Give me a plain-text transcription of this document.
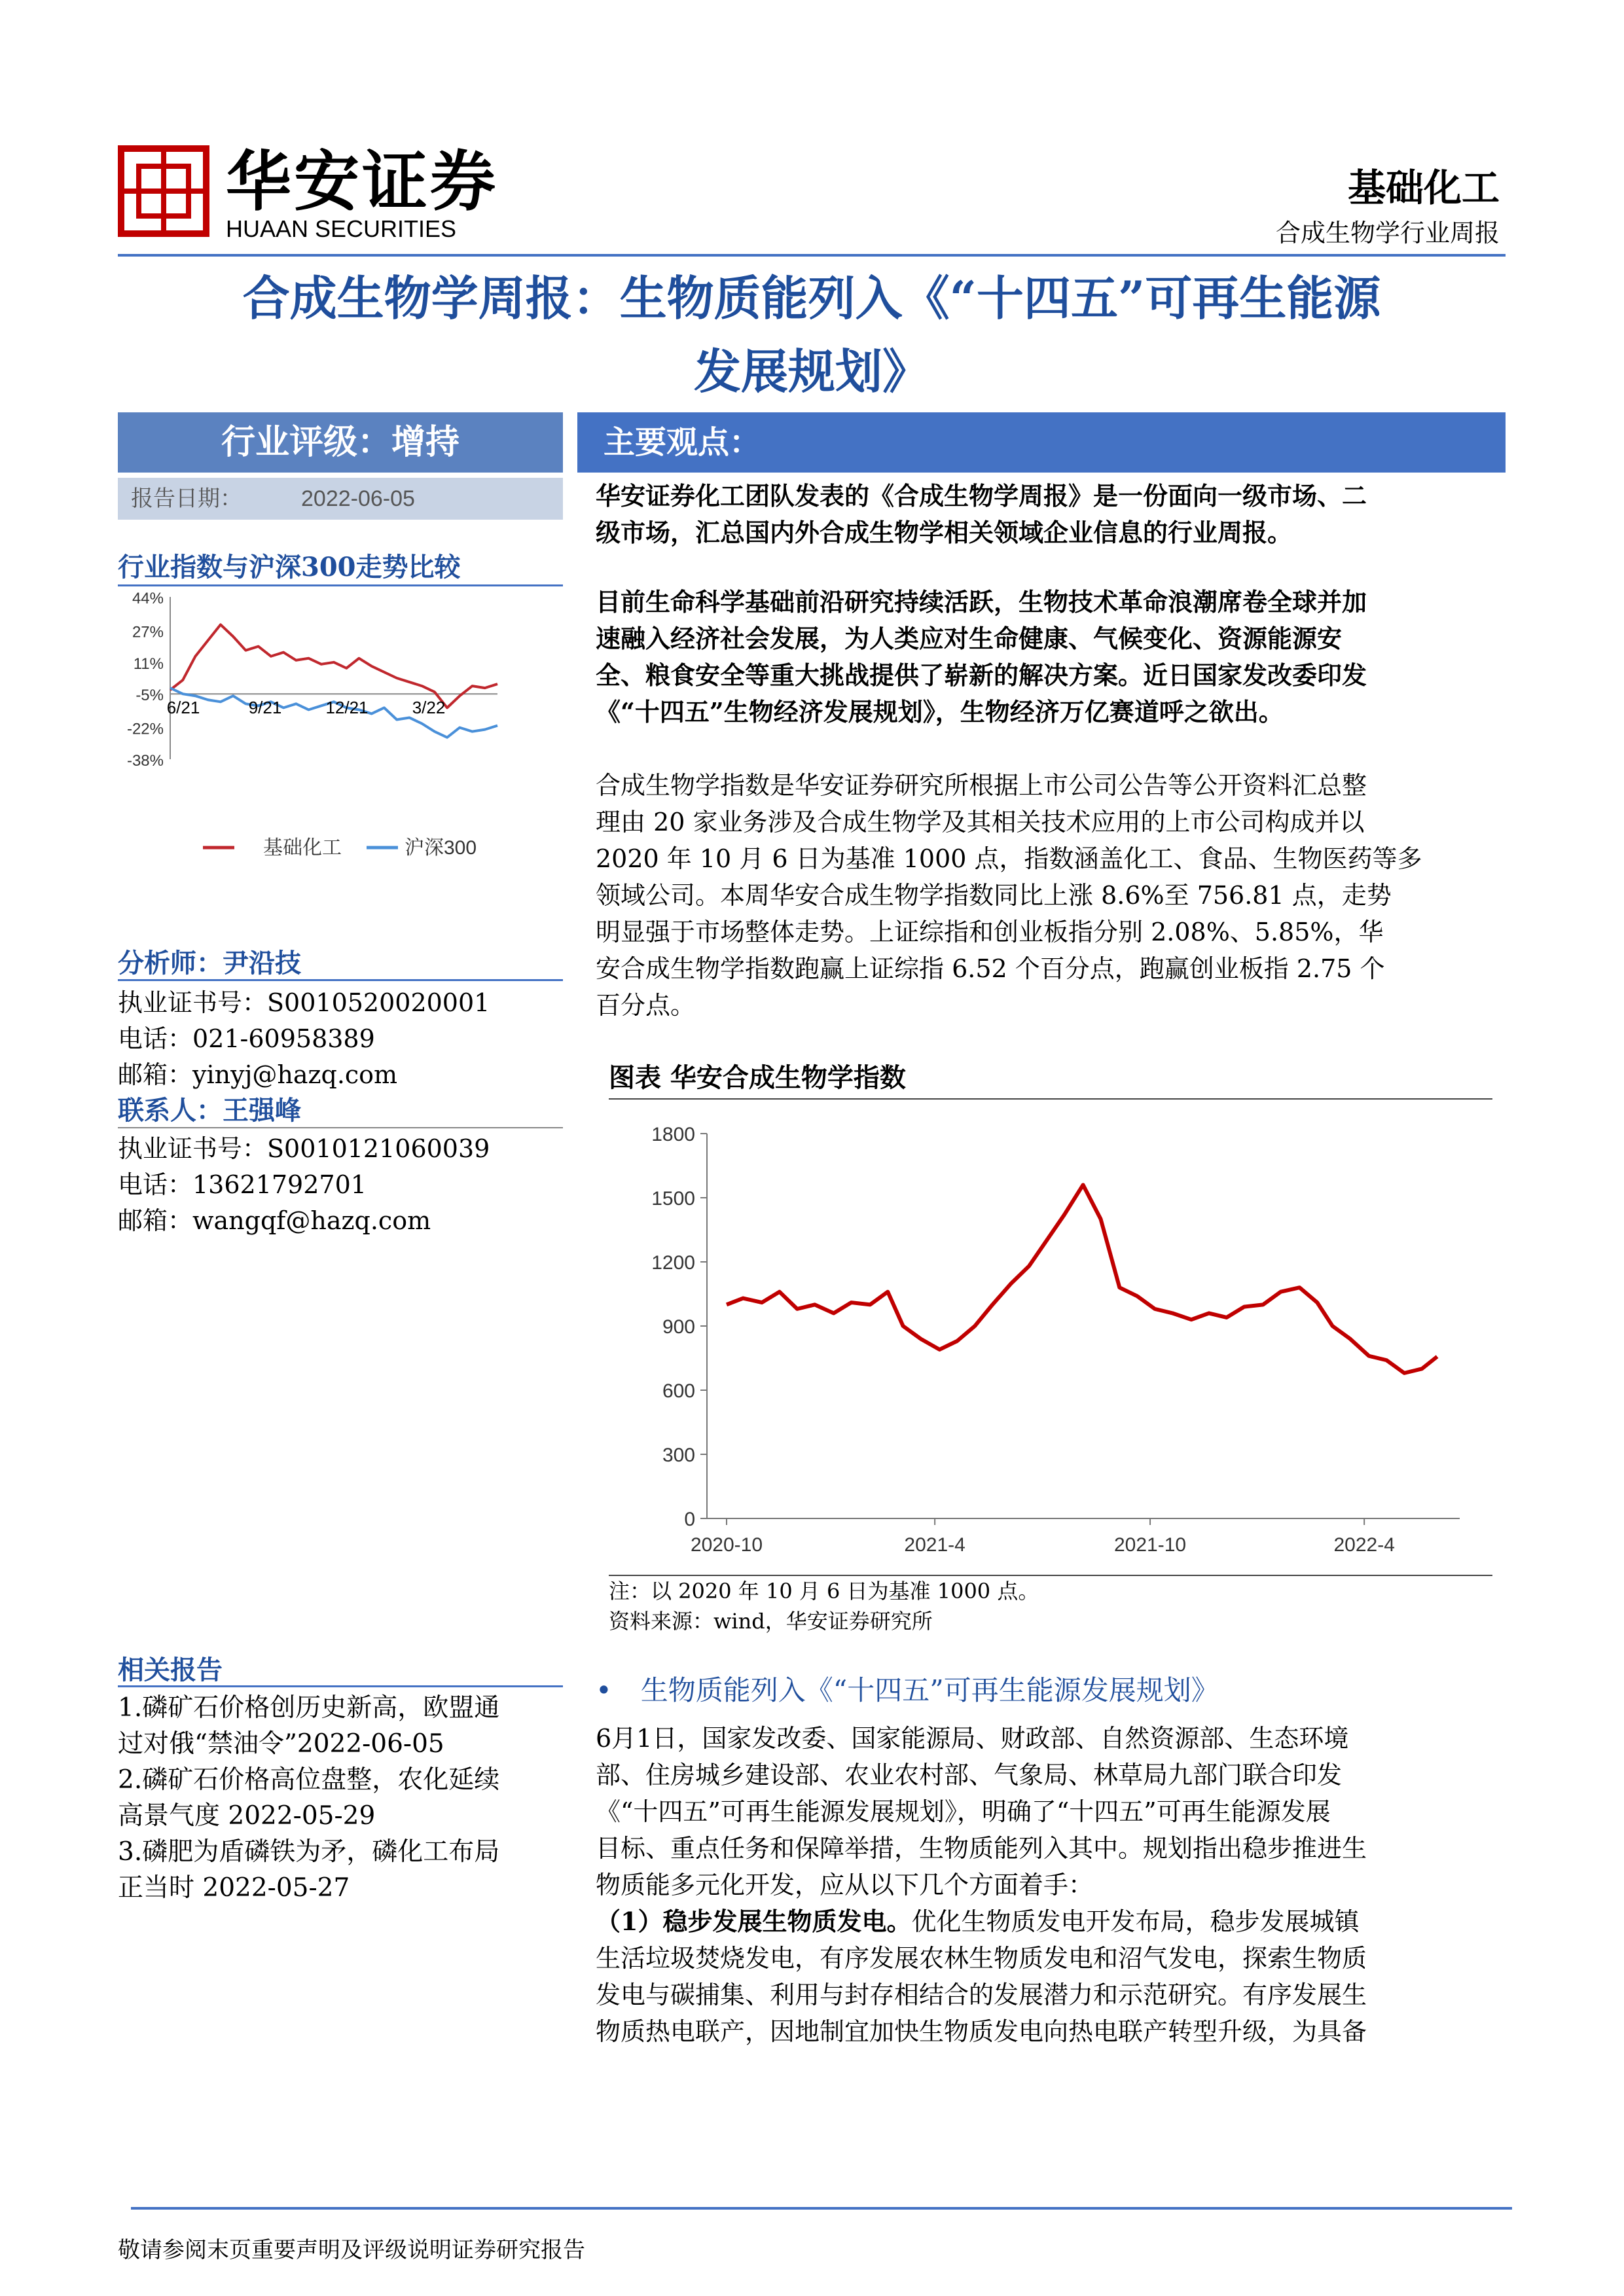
华安证券
HUAAN SECURITIES
基础化工
合成生物学行业周报
合成生物学周报：生物质能列入《“十四五”可再生能源
发展规划》
行业评级：增持
报告日期：	2022-06-05
行业指数与沪深300走势比较
44%
27%
11%
-5%
-22%
-38%
6/21	9/21	12/21	3/22
基础化工	沪深300
分析师：尹沿技
执业证书号：S0010520020001
电话：021-60958389
邮箱：yinyj@hazq.com
联系人：王强峰
执业证书号：S0010121060039
电话：13621792701
邮箱：wangqf@hazq.com
相关报告
1.磷矿石价格创历史新高，欧盟通
过对俄“禁油令”2022-06-05
2.磷矿石价格高位盘整，农化延续
高景气度 2022-05-29
3.磷肥为盾磷铁为矛，磷化工布局
正当时 2022-05-27
主要观点：
华安证券化工团队发表的《合成生物学周报》是一份面向一级市场、二
级市场，汇总国内外合成生物学相关领域企业信息的行业周报。
目前生命科学基础前沿研究持续活跃，生物技术革命浪潮席卷全球并加
速融入经济社会发展，为人类应对生命健康、气候变化、资源能源安
全、粮食安全等重大挑战提供了崭新的解决方案。近日国家发改委印发
《“十四五”生物经济发展规划》，生物经济万亿赛道呼之欲出。
合成生物学指数是华安证券研究所根据上市公司公告等公开资料汇总整
理由 20 家业务涉及合成生物学及其相关技术应用的上市公司构成并以
2020 年 10 月 6 日为基准 1000 点，指数涵盖化工、食品、生物医药等多
领域公司。本周华安合成生物学指数同比上涨 8.6%至 756.81 点，走势
明显强于市场整体走势。上证综指和创业板指分别 2.08%、5.85%，华
安合成生物学指数跑赢上证综指 6.52 个百分点，跑赢创业板指 2.75 个
百分点。
图表 华安合成生物学指数
0
300
600
900
1200
1500
1800
2020-10	2021-4	2021-10	2022-4
注：以 2020 年 10 月 6 日为基准 1000 点。
资料来源：wind，华安证券研究所
• 生物质能列入《“十四五”可再生能源发展规划》
6月1日，国家发改委、国家能源局、财政部、自然资源部、生态环境
部、住房城乡建设部、农业农村部、气象局、林草局九部门联合印发
《“十四五”可再生能源发展规划》，明确了“十四五”可再生能源发展
目标、重点任务和保障举措，生物质能列入其中。规划指出稳步推进生
物质能多元化开发，应从以下几个方面着手：
（1）稳步发展生物质发电。优化生物质发电开发布局，稳步发展城镇
生活垃圾焚烧发电，有序发展农林生物质发电和沼气发电，探索生物质
发电与碳捕集、利用与封存相结合的发展潜力和示范研究。有序发展生
物质热电联产，因地制宜加快生物质发电向热电联产转型升级，为具备
敬请参阅末页重要声明及评级说明证券研究报告
